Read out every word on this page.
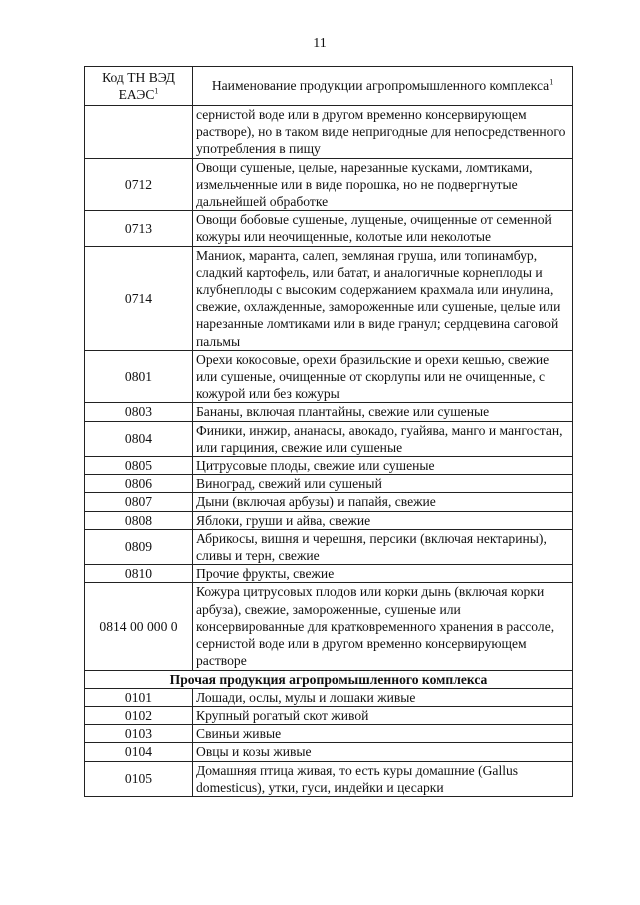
11
Код ТН ВЭД ЕАЭС$^1$	Наименование продукции агропромышленного комплекса$^1$
	сернистой воде или в другом временно консервирующем растворе), но в таком виде непригодные для непосредственного употребления в пищу
0712	Овощи сушеные, целые, нарезанные кусками, ломтиками, измельченные или в виде порошка, но не подвергнутые дальнейшей обработке
0713	Овощи бобовые сушеные, лущеные, очищенные от семенной кожуры или неочищенные, колотые или неколотые
0714	Маниок, маранта, салеп, земляная груша, или топинамбур, сладкий картофель, или батат, и аналогичные корнеплоды и клубнеплоды с высоким содержанием крахмала или инулина, свежие, охлажденные, замороженные или сушеные, целые или нарезанные ломтиками или в виде гранул; сердцевина саговой пальмы
0801	Орехи кокосовые, орехи бразильские и орехи кешью, свежие или сушеные, очищенные от скорлупы или не очищенные, с кожурой или без кожуры
0803	Бананы, включая плантайны, свежие или сушеные
0804	Финики, инжир, ананасы, авокадо, гуайява, манго и мангостан, или гарциния, свежие или сушеные
0805	Цитрусовые плоды, свежие или сушеные
0806	Виноград, свежий или сушеный
0807	Дыни (включая арбузы) и папайя, свежие
0808	Яблоки, груши и айва, свежие
0809	Абрикосы, вишня и черешня, персики (включая нектарины), сливы и терн, свежие
0810	Прочие фрукты, свежие
0814 00 000 0	Кожура цитрусовых плодов или корки дынь (включая корки арбуза), свежие, замороженные, сушеные или консервированные для кратковременного хранения в рассоле, сернистой воде или в другом временно консервирующем растворе
Прочая продукция агропромышленного комплекса	
0101	Лошади, ослы, мулы и лошаки живые
0102	Крупный рогатый скот живой
0103	Свиньи живые
0104	Овцы и козы живые
0105	Домашняя птица живая, то есть куры домашние (Gallus domesticus), утки, гуси, индейки и цесарки
